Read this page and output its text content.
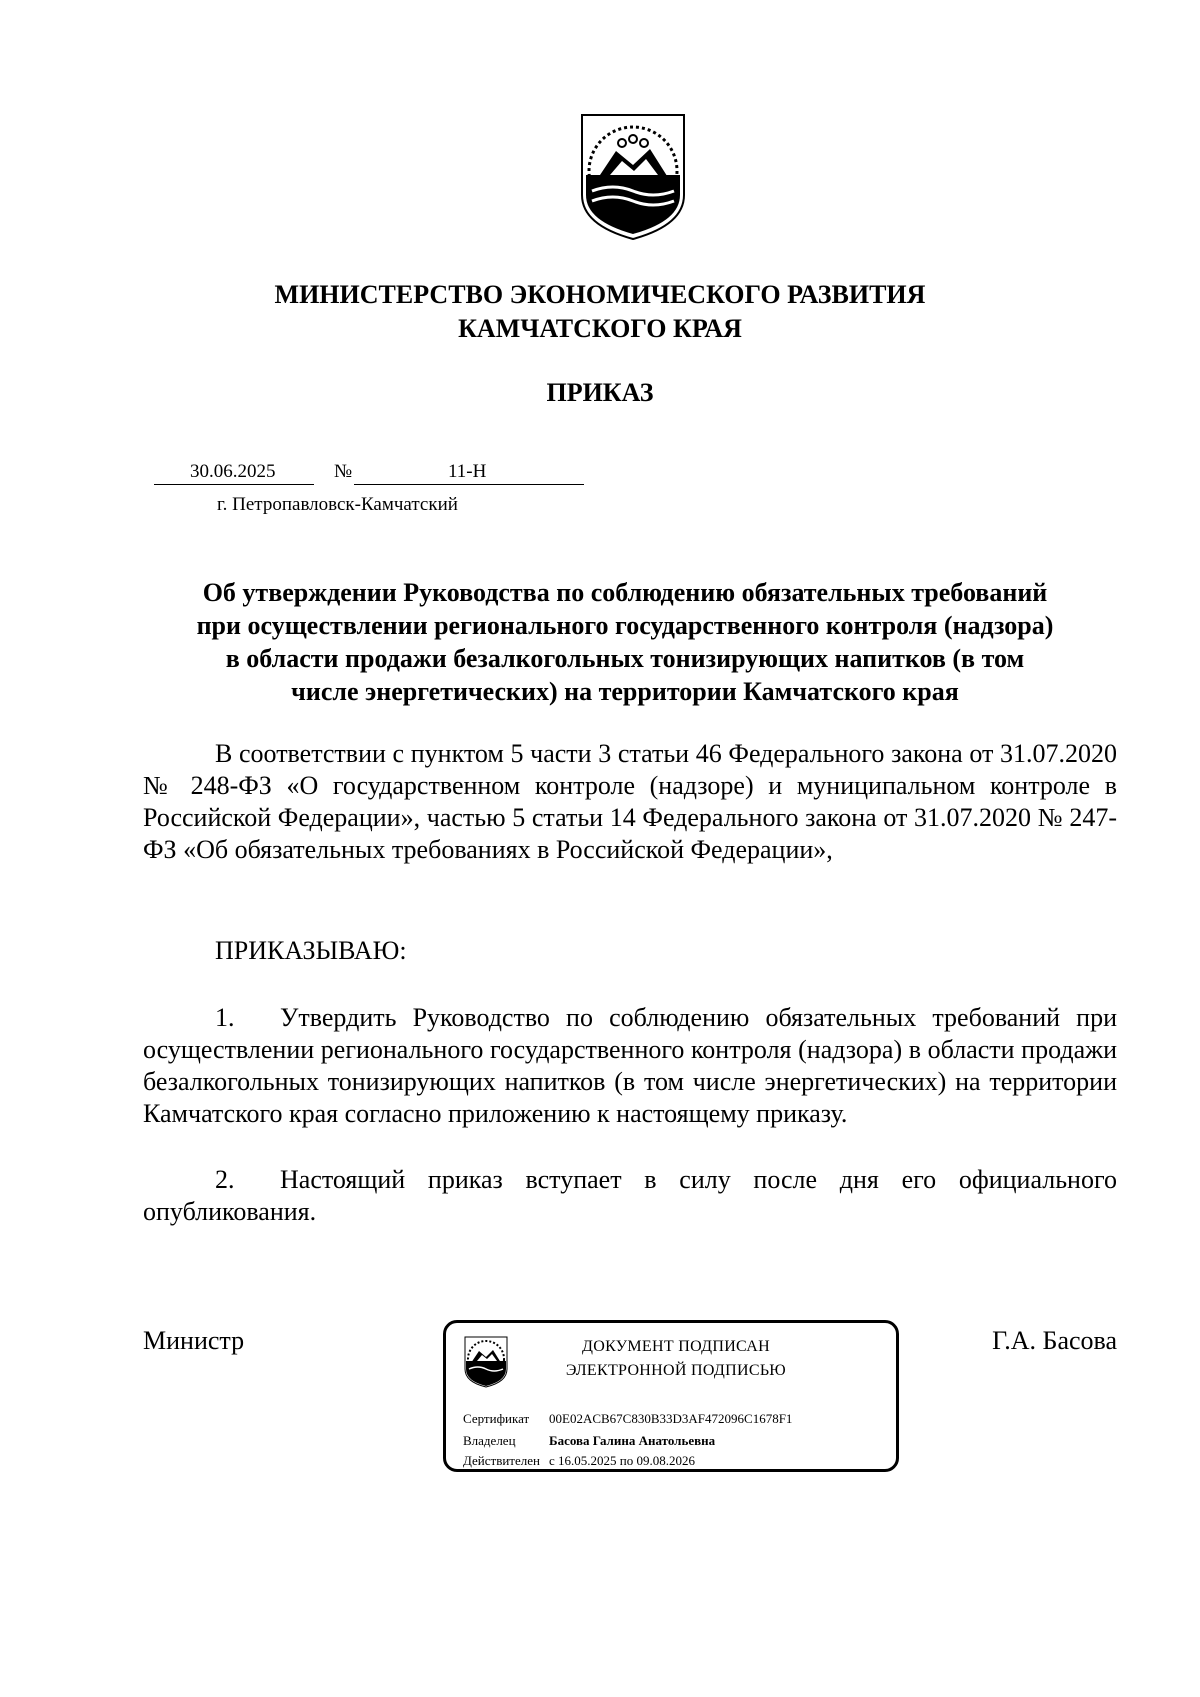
МИНИСТЕРСТВО ЭКОНОМИЧЕСКОГО РАЗВИТИЯ
КАМЧАТСКОГО КРАЯ
ПРИКАЗ
30.06.2025	№	11-Н
г. Петропавловск-Камчатский
Об утверждении Руководства по соблюдению обязательных требований
при осуществлении регионального государственного контроля (надзора)
в области продажи безалкогольных тонизирующих напитков (в том
числе энергетических) на территории Камчатского края
В соответствии с пунктом 5 части 3 статьи 46 Федерального закона от 31.07.2020 № 248-ФЗ «О государственном контроле (надзоре) и муниципальном контроле в Российской Федерации», частью 5 статьи 14 Федерального закона от 31.07.2020 № 247-ФЗ «Об обязательных требованиях в Российской Федерации»,
ПРИКАЗЫВАЮ:
1. Утвердить Руководство по соблюдению обязательных требований при осуществлении регионального государственного контроля (надзора) в области продажи безалкогольных тонизирующих напитков (в том числе энергетических) на территории Камчатского края согласно приложению к настоящему приказу.
2. Настоящий приказ вступает в силу после дня его официального опубликования.
Министр	Г.А. Басова
ДОКУМЕНТ ПОДПИСАН
ЭЛЕКТРОННОЙ ПОДПИСЬЮ
Сертификат 00E02ACB67C830B33D3AF472096C1678F1
Владелец	Басова Галина Анатольевна
Действителен с 16.05.2025 по 09.08.2026
